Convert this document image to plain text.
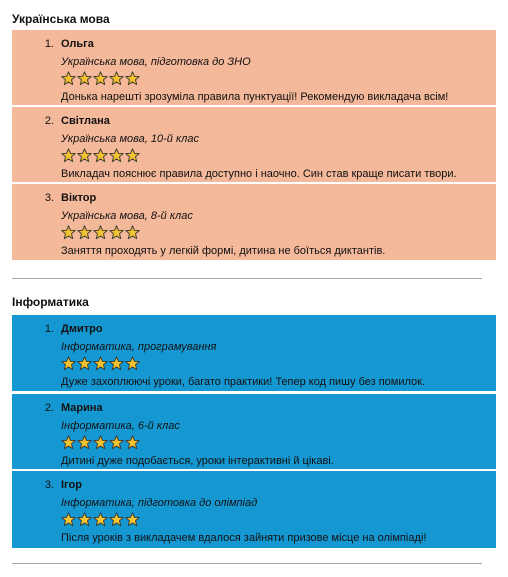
Українська мова
1. Ольга
Українська мова, підготовка до ЗНО
Донька нарешті зрозуміла правила пунктуації! Рекомендую викладача всім!
2. Світлана
Українська мова, 10-й клас
Викладач пояснює правила доступно і наочно. Син став краще писати твори.
3. Віктор
Українська мова, 8-й клас
Заняття проходять у легкій формі, дитина не боїться диктантів.
Інформатика
1. Дмитро
Інформатика, програмування
Дуже захоплюючі уроки, багато практики! Тепер код пишу без помилок.
2. Марина
Інформатика, 6-й клас
Дитині дуже подобається, уроки інтерактивні й цікаві.
3. Ігор
Інформатика, підготовка до олімпіад
Після уроків з викладачем вдалося зайняти призове місце на олімпіаді!
